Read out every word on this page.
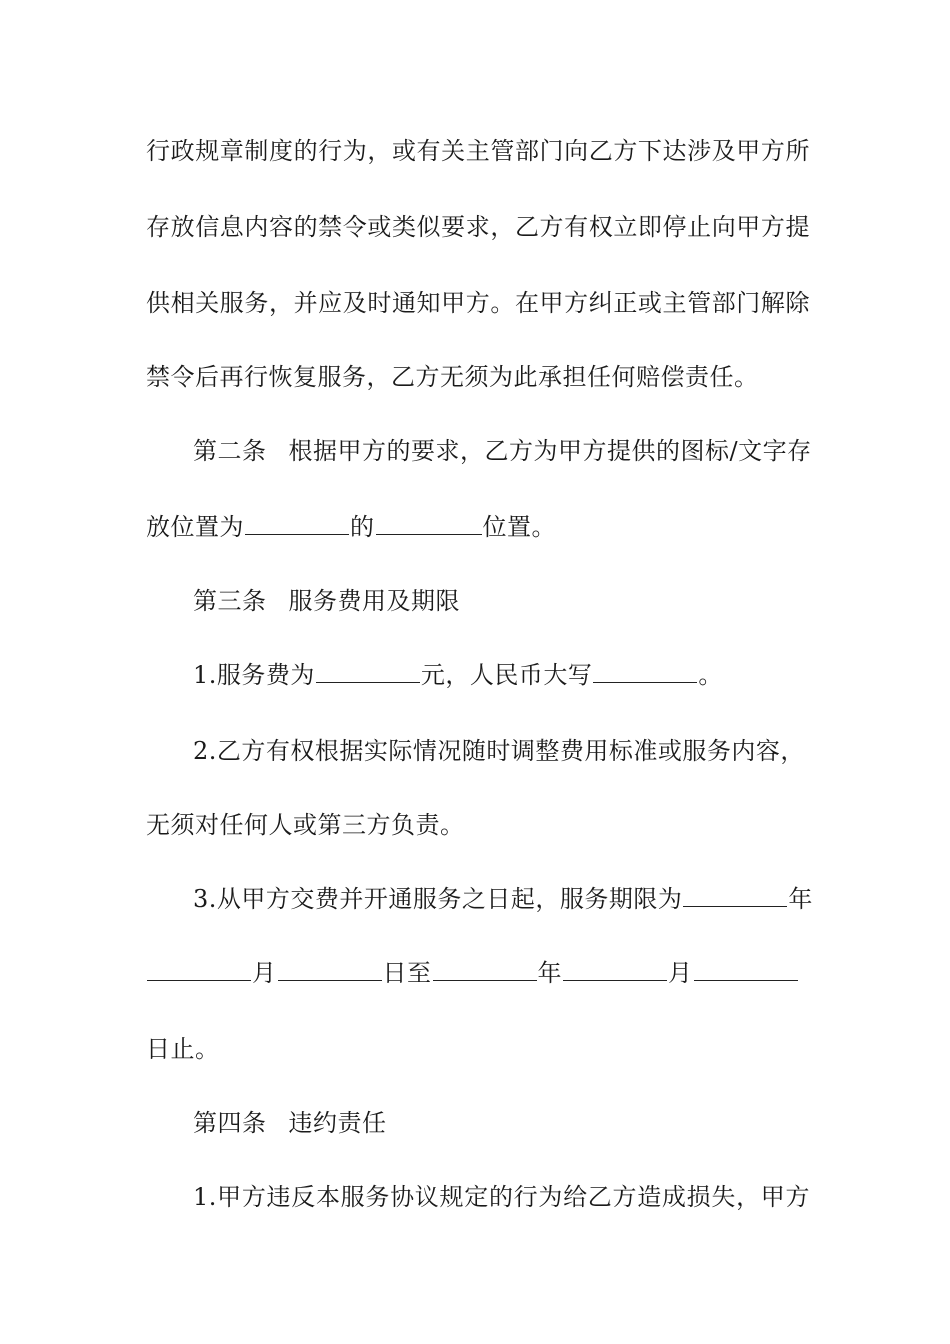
行政规章制度的行为，或有关主管部门向乙方下达涉及甲方所
存放信息内容的禁令或类似要求，乙方有权立即停止向甲方提
供相关服务，并应及时通知甲方。在甲方纠正或主管部门解除
禁令后再行恢复服务，乙方无须为此承担任何赔偿责任。
第二条 根据甲方的要求，乙方为甲方提供的图标/文字存
放位置为	的	位置。
第三条 服务费用及期限
1.服务费为	元，人民币大写	。
2.乙方有权根据实际情况随时调整费用标准或服务内容，
无须对任何人或第三方负责。
3.从甲方交费并开通服务之日起，服务期限为	年
月	日至	年	月
日止。
第四条 违约责任
1.甲方违反本服务协议规定的行为给乙方造成损失，甲方
